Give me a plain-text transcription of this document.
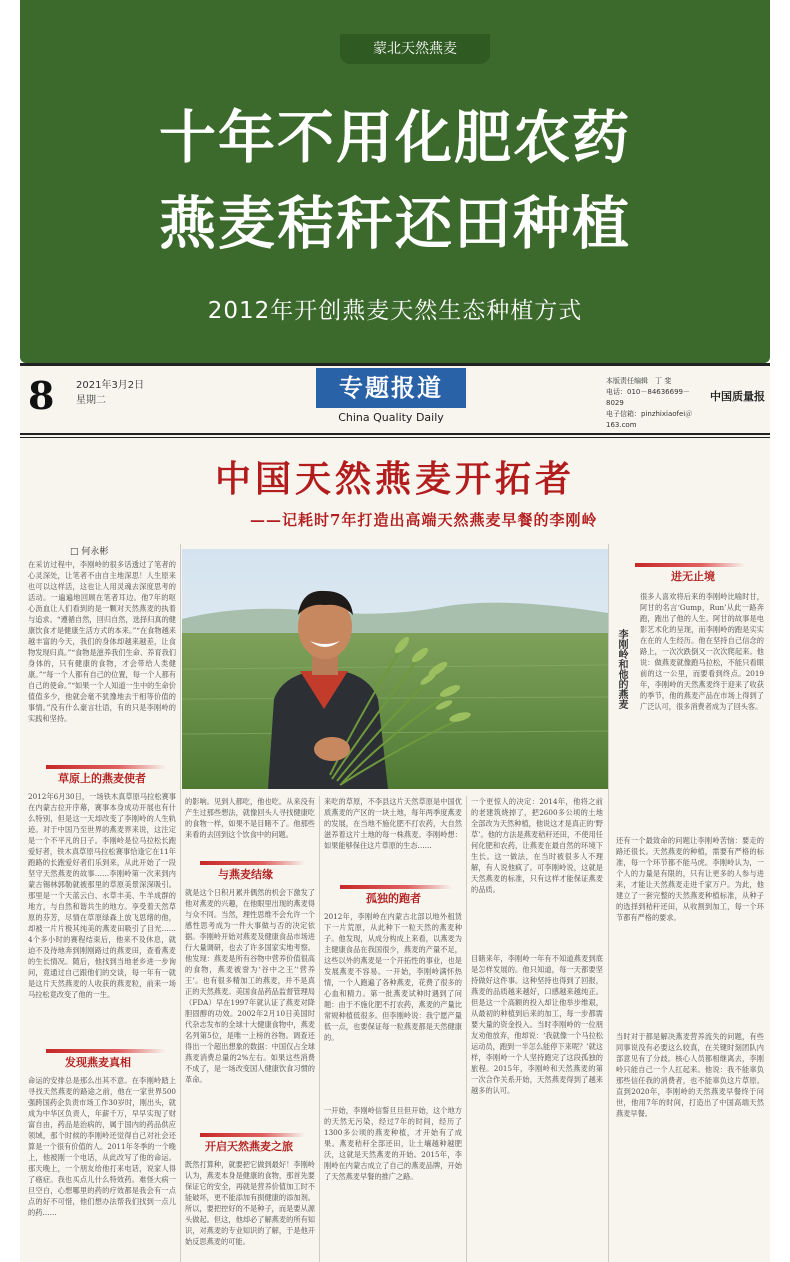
蒙北天然燕麦
十年不用化肥农药
燕麦秸秆还田种植
2012年开创燕麦天然生态种植方式
8 2021年3月2日
星期二	专题报道
China Quality Daily
本版责任编辑　丁 斐
电话：010－84636699－8029
电子信箱：pinzhixiaofei＠163.com
中国质量报
中国天然燕麦开拓者
——记耗时7年打造出高端天然燕麦早餐的李刚岭
李刚岭和他的燕麦
□ 何永彬
在采访过程中，李刚岭的很多话透过了笔者的心灵深处，让笔者不由自主地深思！人生原来也可以这样活，这也让人用灵魂去深度思考的活动。一遍遍地回顾在笔者耳边。他7年的呕心沥血让人们看到的是一颗对天然燕麦的执着与追求。“遵循自然，回归自然，选择归真的健康饮食才是健康生活方式的本来。”“在食物越来越丰富的今天，我们的身体却越来越差，让食物发现归真。”“食物是滋养我们生命、养育我们身体的，只有健康的食物，才会带给人类健康。”“每一个人都有自己的位置，每一个人都有自己的使命。”“如果一个人知道一生中的生命价值值多少，他就会毫不犹豫地去干相等价值的事情。”没有什么豪言壮语，有的只是李刚岭的实践和坚持。
草原上的燕麦使者
2012年6月30日，一场铁木真草原马拉松赛事在内蒙古拉开序幕，赛事本身成功开展也有什么特别，但是这一天却改变了李刚岭的人生轨迹。对于中国乃至世界的燕麦界来说，这注定是一个不平凡的日子。李刚岭是位马拉松长跑爱好者，铁木真草原马拉松赛事恰逢它在11年跑路的长跑爱好者们乐到来，从此开始了一段坚守天然燕麦的故事……李刚岭第一次来到内蒙古锡林郭勒就被那里的草原美景深深吸引。那里是一个天蓝云白、水草丰美、牛羊成群的地方，与自然和谐共生的地方。享受着天然草原的芬芳，尽情在草原绿森上放飞思绪的他，却被一片片极其纯美的燕麦田吸引了目光……4个多小时的赛程结束后，他来不及休息，就迫不及待地奔到刚刚路过的燕麦田，查看燕麦的生长情况。随后，他找到当地老乡进一步询问，竟通过自己跟他们的交谈，每一年有一就是这片天然燕麦的人收获的燕麦粒，前来一场马拉松竟改变了他的一生。
发现燕麦真相
命运的安排总是那么出其不意。在李刚岭踏上寻找天然燕麦的路途之前，他在一家世界500强跨国药企负责市场工作30岁时，刚出头，就成为中华区负责人，年薪千万，早早实现了财富自由，药品是治病的，属于国内的药品供应领域，那个时候的李刚岭还觉得自己对社会还算是一个很有价值的人。2011年冬季的一个晚上，他被刚一个电话，从此改写了他的命运。那天晚上，一个朋友给他打来电话，说家人得了癌症。我也买点儿什么特效药。难怪大病一旦空白，心想哪里的药的疗效都是我会有一点点的好不可惜，他们想办法帮我们找到一点儿的药……
的影响。见到人都吃，他也吃。从来没有产生过那些想法，就像回头人寻找健康吃的食物一样，如果不是目睹不了。他那些来看的去回到这个饮食中的问题。
与燕麦结缘
就是这个日积月累并偶然的机会下激发了他对燕麦的兴趣，在他眼里出现的燕麦得与众不同。当然，理性思维不会允许一个感性思考成为一件大事做与否的决定依据。李刚岭开始对燕麦及健康食品市场进行大量调研，也去了许多国家实地考察。他发现：燕麦是所有谷物中营养价值很高的食物，燕麦被誉为‘谷中之王’‘营养王’。也有很多精加工的燕麦，并不是真正的天然燕麦。美国食品药品监督管理局（FDA）早在1997年就认证了燕麦对降胆固醇的功效。2002年2月10日美国时代杂志发布的全球十大健康食物中，燕麦名列第5位，是唯一上榜的谷物。调查还得出一个超出想象的数据：中国仅占全球燕麦消费总量的2%左右。如果这些消费不成了，是一场改变国人健康饮食习惯的革命。
开启天然燕麦之旅
既然打算种，就要把它做到最好！李刚岭认为，燕麦本身是健康的食物，那首先要保证它的安全，再就是营养价值加工时不能破坏，更不能添加有损健康的添加剂。所以，要把控好的不是种子，而是要从源头做起。但这，他却必了解燕麦的所有知识，对燕麦的专业知识的了解，于是他开始反思燕麦的可能。
来吃的草原，不李县这片天然草原是中国优质燕麦的产区的一块土地，每年两季度燕麦的发展，在当地不施化肥不打农药，大自然滋养着这片土地的每一株燕麦。李刚岭想：如果能够保住这片草原的生态……
孤独的跑者
2012年，李刚岭在内蒙古北部以地外租赁下一片荒原，从此种下一粒天然的燕麦种子。他发现，从成分构成上来看，以燕麦为主健康食品在我国很少，燕麦的产量不足，这些以外的燕麦是一个开拓性的事业，也是发展燕麦不容易。一开始，李刚岭满怀热情，一个人跑遍了各种燕麦，花费了很多的心血和精力。第一批燕麦试种时遇到了问题：由于不施化肥不打农药，燕麦的产量比常规种植低很多。但李刚岭说：我宁愿产量低一点，也要保证每一粒燕麦都是天然健康的。
一开始，李刚岭信誓旦旦但开始，这个地方的天然无污染，经过7年的时间，经历了1300多公顷的燕麦种植，才开始有了成果。燕麦秸秆全部还田，让土壤越种越肥沃，这就是天然燕麦的开始。2015年，李刚岭在内蒙古成立了自己的燕麦品牌，开始了天然燕麦早餐的推广之路。
一个更惊人的决定：2014年，他将之前的老建筑烧掉了，把2600多公顷的土地全部改为天然种植，他说这才是真正的‘野草’。他的方法是燕麦秸秆还田，不使用任何化肥和农药，让燕麦在最自然的环境下生长。这一做法，在当时被很多人不理解，有人说他疯了。可李刚岭说，这就是天然燕麦的标准，只有这样才能保证燕麦的品质。
目睹来年，李刚岭一年有不知道燕麦到底是怎样发展的。他只知道，每一天都要坚持做好这件事。这种坚持也得到了回报，燕麦的品质越来越好，口感越来越纯正。但是这一个高额的投入却让他举步维艰，从最初的种植到后来的加工，每一步都需要大量的资金投入。当时李刚岭的一位朋友劝他放弃，他却说：‘我就像一个马拉松运动员，跑到一半怎么能停下来呢？’就这样，李刚岭一个人坚持跑完了这段孤独的旅程。2015年，李刚岭和天然燕麦的第一次合作关系开始，天然燕麦得到了越来越多的认可。
进无止境
很多人喜欢将后来的李刚岭比喻时甘，阿甘的名言‘Gump，Run’从此一路奔跑，跑出了他的人生。阿甘的故事是电影艺术化的呈现，而李刚岭的跑是实实在在的人生经历。他在坚持自己信念的路上，一次次跌倒又一次次爬起来。他说：做燕麦就像跑马拉松，不能只看眼前的这一公里，而要看到终点。2019年，李刚岭的天然燕麦终于迎来了收获的季节，他的燕麦产品在市场上得到了广泛认可，很多消费者成为了回头客。
还有一个最致命的问题让李刚岭苦恼：要走的路还很长。天然燕麦的种植，需要有严格的标准，每一个环节都不能马虎。李刚岭认为，一个人的力量是有限的，只有让更多的人参与进来，才能让天然燕麦走进千家万户。为此，他建立了一套完整的天然燕麦种植标准，从种子的选择到秸秆还田，从收割到加工，每一个环节都有严格的要求。
当时对于都是解决燕麦营养流失的问题，有些同事说没有必要这么较真，在关键时刻团队内部意见有了分歧。核心人员都相继离去，李刚岭只能自己一个人扛起来。他说：我不能辜负那些信任我的消费者，也不能辜负这片草原。直到2020年，李刚岭的天然燕麦早餐终于问世，他用7年的时间，打造出了中国高端天然燕麦早餐。
